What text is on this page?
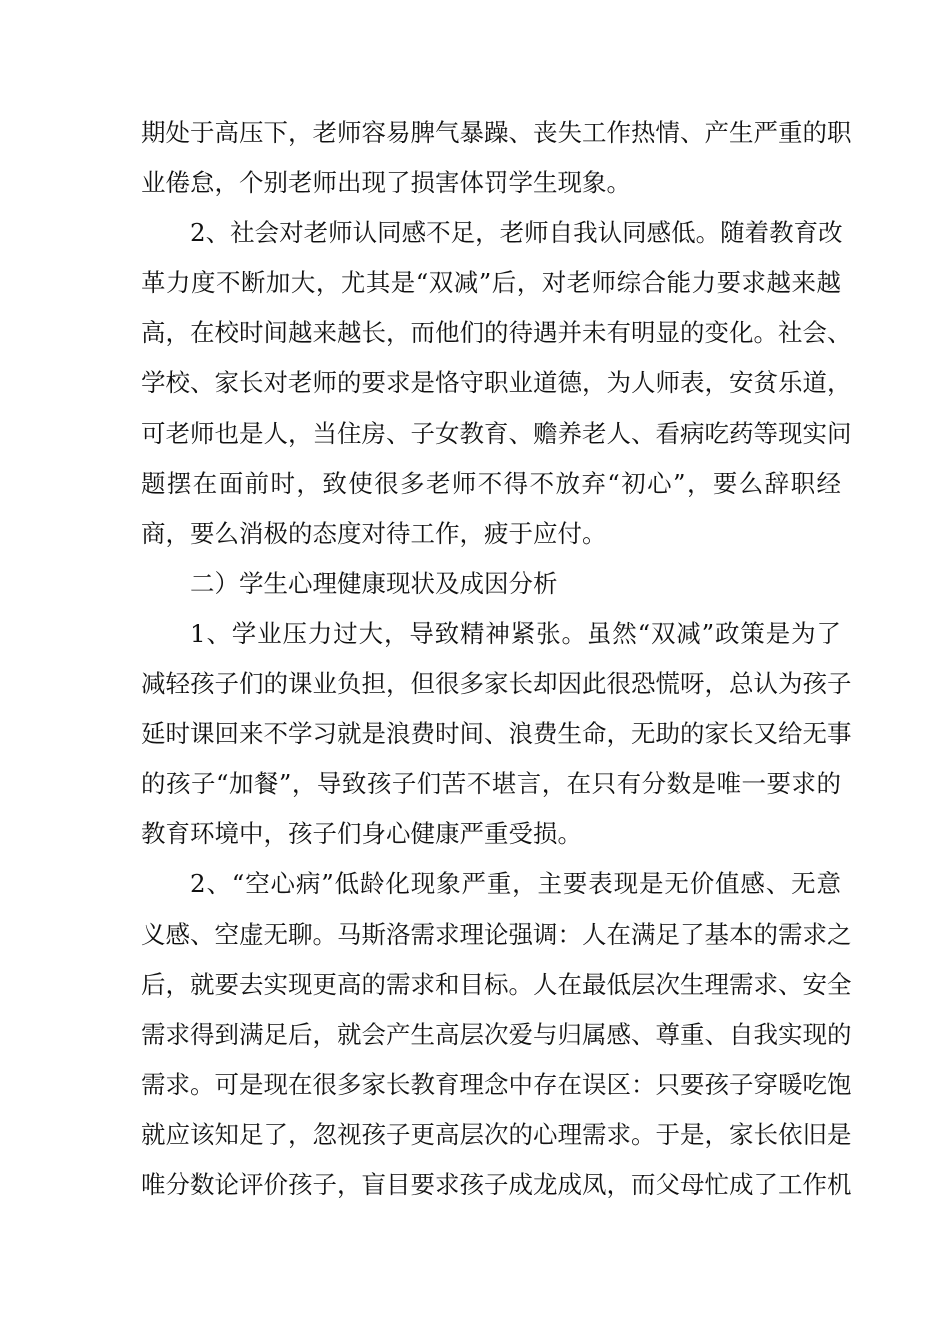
期处于高压下，老师容易脾气暴躁、丧失工作热情、产生严重的职
业倦怠，个别老师出现了损害体罚学生现象。
2、社会对老师认同感不足，老师自我认同感低。随着教育改
革力度不断加大，尤其是“双减”后，对老师综合能力要求越来越
高，在校时间越来越长，而他们的待遇并未有明显的变化。社会、
学校、家长对老师的要求是恪守职业道德，为人师表，安贫乐道，
可老师也是人，当住房、子女教育、赡养老人、看病吃药等现实问
题摆在面前时，致使很多老师不得不放弃“初心”，要么辞职经
商，要么消极的态度对待工作，疲于应付。
二）学生心理健康现状及成因分析
1、学业压力过大，导致精神紧张。虽然“双减”政策是为了
减轻孩子们的课业负担，但很多家长却因此很恐慌呀，总认为孩子
延时课回来不学习就是浪费时间、浪费生命，无助的家长又给无事
的孩子“加餐”，导致孩子们苦不堪言，在只有分数是唯一要求的
教育环境中，孩子们身心健康严重受损。
2、“空心病”低龄化现象严重，主要表现是无价值感、无意
义感、空虚无聊。马斯洛需求理论强调：人在满足了基本的需求之
后，就要去实现更高的需求和目标。人在最低层次生理需求、安全
需求得到满足后，就会产生高层次爱与归属感、尊重、自我实现的
需求。可是现在很多家长教育理念中存在误区：只要孩子穿暖吃饱
就应该知足了，忽视孩子更高层次的心理需求。于是，家长依旧是
唯分数论评价孩子，盲目要求孩子成龙成凤，而父母忙成了工作机
